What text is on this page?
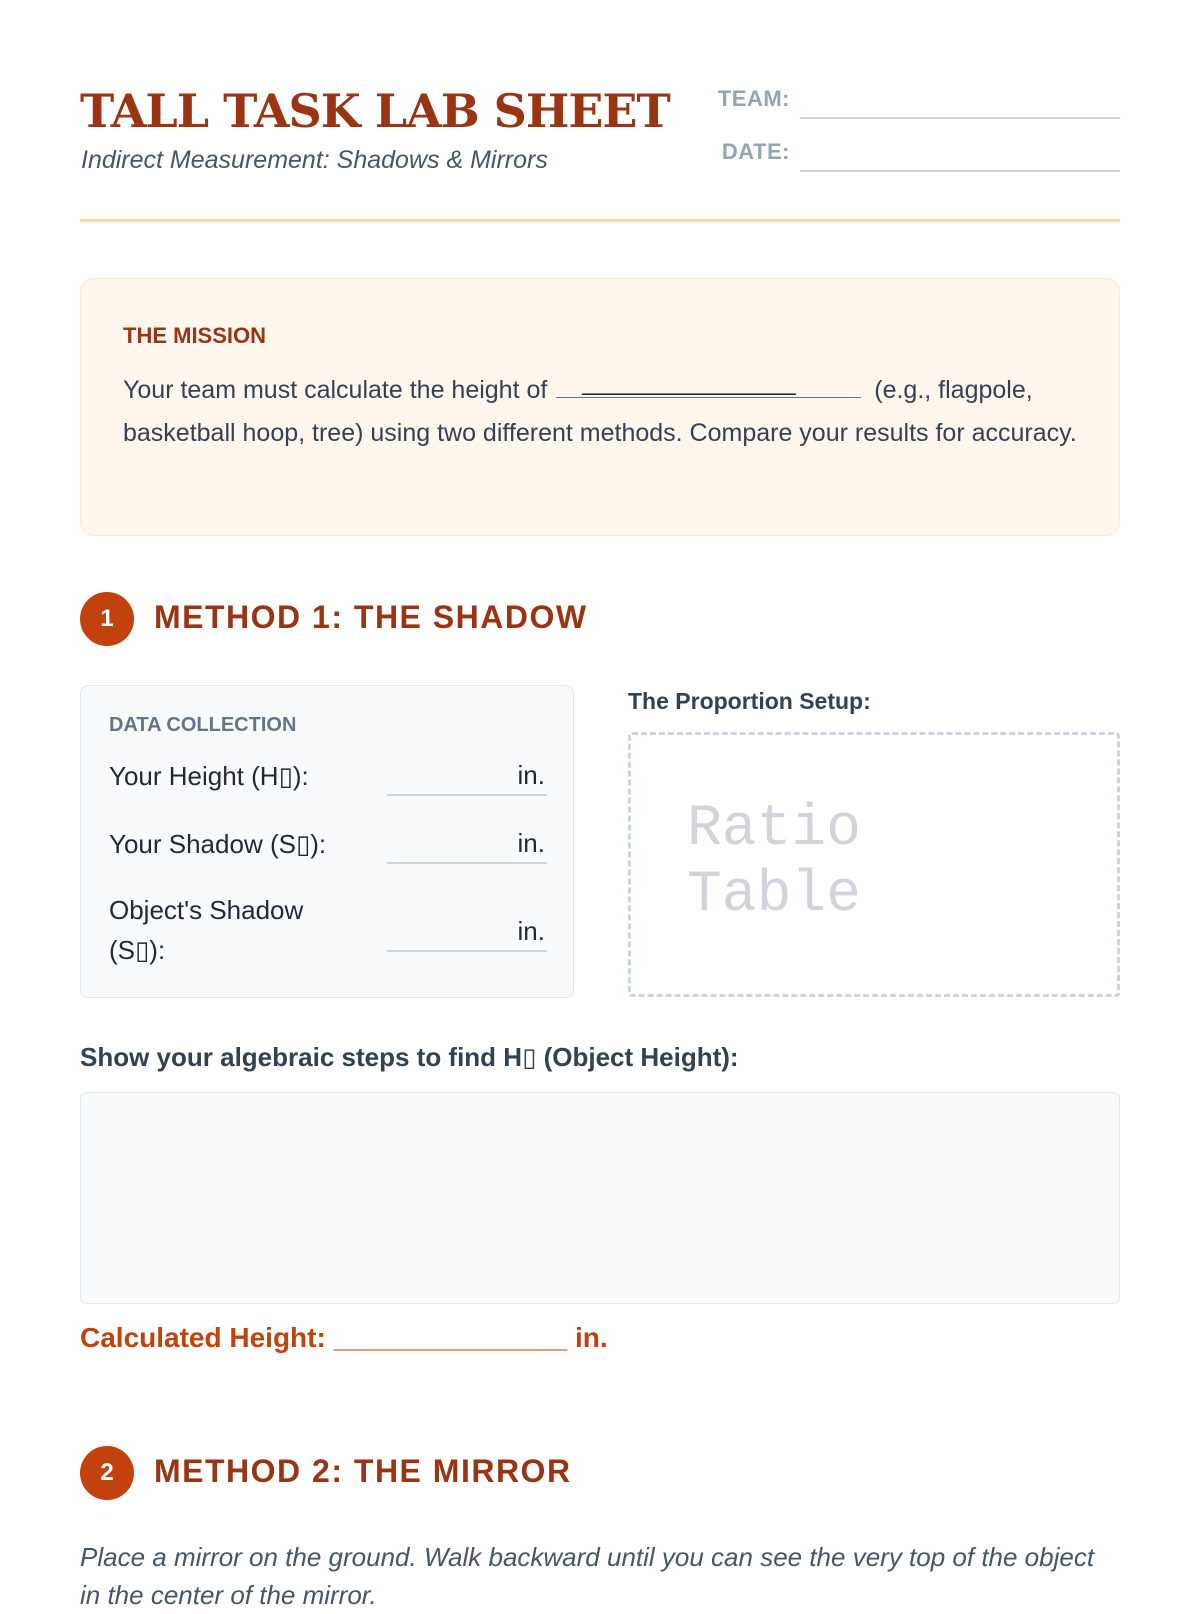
TALL TASK LAB SHEET
Indirect Measurement: Shadows & Mirrors
TEAM:
DATE:
THE MISSION
Your team must calculate the height of ________________	(e.g., flagpole, basketball hoop, tree) using two different methods. Compare your results for accuracy.
1	METHOD 1: THE SHADOW
DATA COLLECTION
Your Height (H▯):	in.
Your Shadow (S▯):	in.
Object's Shadow (S▯):
in.
The Proportion Setup:
Ratio Table
Show your algebraic steps to find H▯ (Object Height):
Calculated Height: _______________ in.
2	METHOD 2: THE MIRROR
Place a mirror on the ground. Walk backward until you can see the very top of the object in the center of the mirror.
